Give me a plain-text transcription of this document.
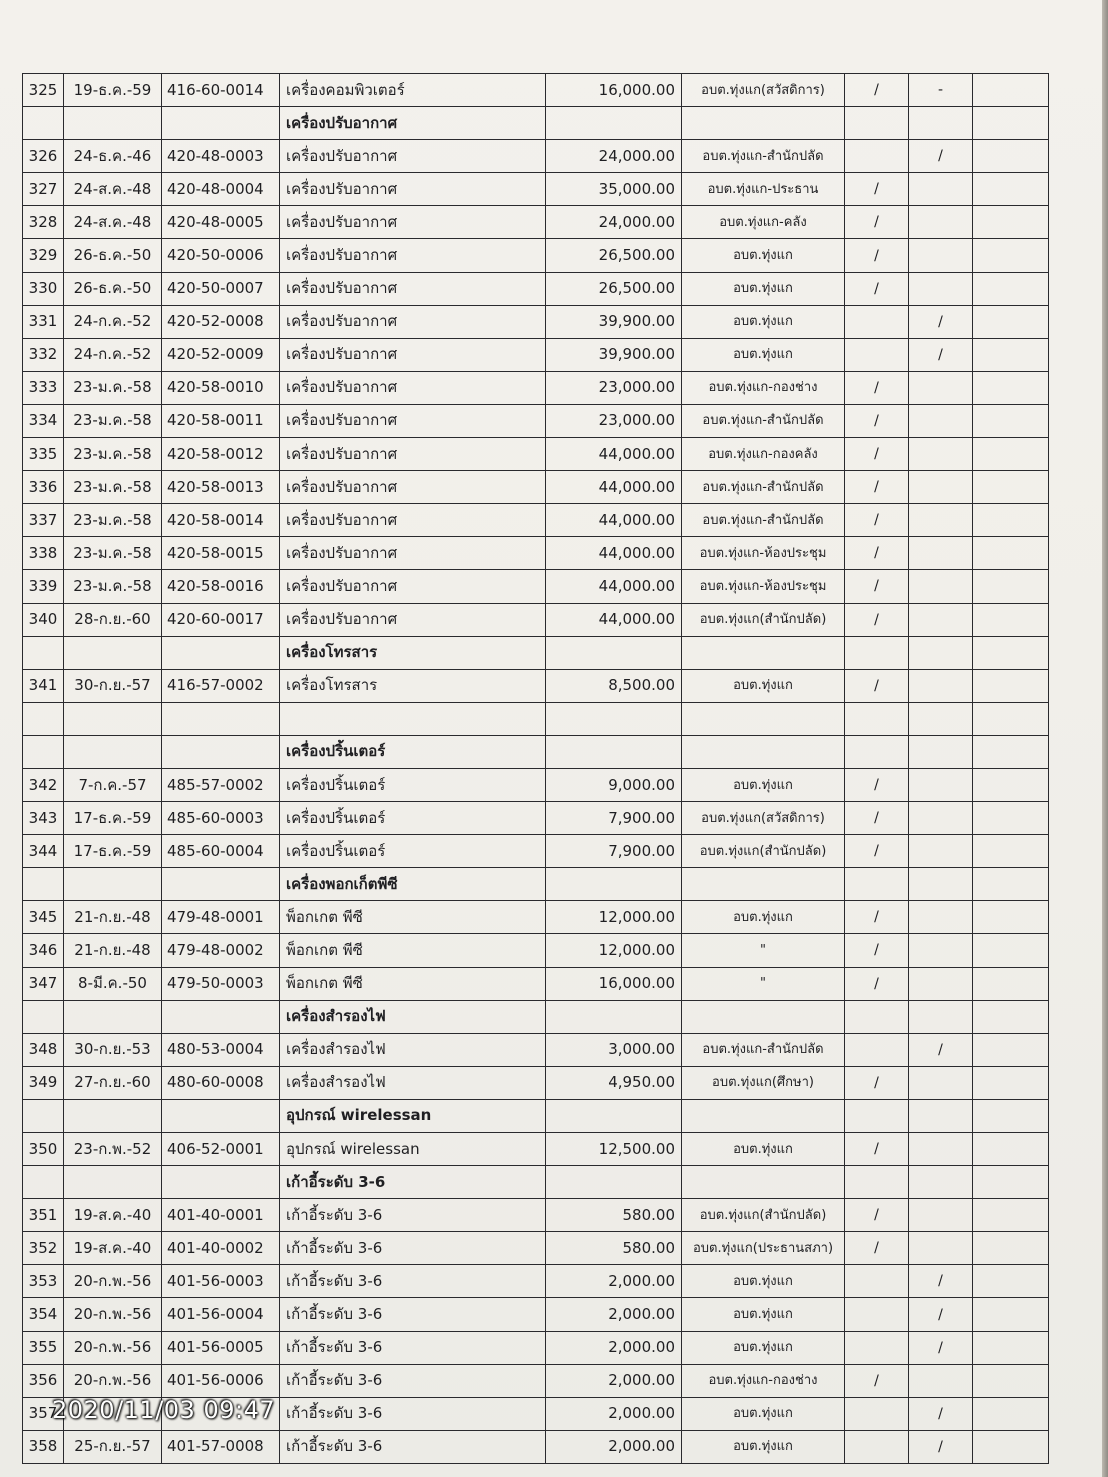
325	19-ธ.ค.-59	416-60-0014	เครื่องคอมพิวเตอร์	16,000.00	อบต.ทุ่งแก(สวัสดิการ)	/	-	
			เครื่องปรับอากาศ					
326	24-ธ.ค.-46	420-48-0003	เครื่องปรับอากาศ	24,000.00	อบต.ทุ่งแก-สำนักปลัด		/	
327	24-ส.ค.-48	420-48-0004	เครื่องปรับอากาศ	35,000.00	อบต.ทุ่งแก-ประธาน	/		
328	24-ส.ค.-48	420-48-0005	เครื่องปรับอากาศ	24,000.00	อบต.ทุ่งแก-คลัง	/		
329	26-ธ.ค.-50	420-50-0006	เครื่องปรับอากาศ	26,500.00	อบต.ทุ่งแก	/		
330	26-ธ.ค.-50	420-50-0007	เครื่องปรับอากาศ	26,500.00	อบต.ทุ่งแก	/		
331	24-ก.ค.-52	420-52-0008	เครื่องปรับอากาศ	39,900.00	อบต.ทุ่งแก		/	
332	24-ก.ค.-52	420-52-0009	เครื่องปรับอากาศ	39,900.00	อบต.ทุ่งแก		/	
333	23-ม.ค.-58	420-58-0010	เครื่องปรับอากาศ	23,000.00	อบต.ทุ่งแก-กองช่าง	/		
334	23-ม.ค.-58	420-58-0011	เครื่องปรับอากาศ	23,000.00	อบต.ทุ่งแก-สำนักปลัด	/		
335	23-ม.ค.-58	420-58-0012	เครื่องปรับอากาศ	44,000.00	อบต.ทุ่งแก-กองคลัง	/		
336	23-ม.ค.-58	420-58-0013	เครื่องปรับอากาศ	44,000.00	อบต.ทุ่งแก-สำนักปลัด	/		
337	23-ม.ค.-58	420-58-0014	เครื่องปรับอากาศ	44,000.00	อบต.ทุ่งแก-สำนักปลัด	/		
338	23-ม.ค.-58	420-58-0015	เครื่องปรับอากาศ	44,000.00	อบต.ทุ่งแก-ห้องประชุม	/		
339	23-ม.ค.-58	420-58-0016	เครื่องปรับอากาศ	44,000.00	อบต.ทุ่งแก-ห้องประชุม	/		
340	28-ก.ย.-60	420-60-0017	เครื่องปรับอากาศ	44,000.00	อบต.ทุ่งแก(สำนักปลัด)	/		
			เครื่องโทรสาร					
341	30-ก.ย.-57	416-57-0002	เครื่องโทรสาร	8,500.00	อบต.ทุ่งแก	/		

			เครื่องปริ้นเตอร์					
342	7-ก.ค.-57	485-57-0002	เครื่องปริ้นเตอร์	9,000.00	อบต.ทุ่งแก	/		
343	17-ธ.ค.-59	485-60-0003	เครื่องปริ้นเตอร์	7,900.00	อบต.ทุ่งแก(สวัสดิการ)	/		
344	17-ธ.ค.-59	485-60-0004	เครื่องปริ้นเตอร์	7,900.00	อบต.ทุ่งแก(สำนักปลัด)	/		
			เครื่องพอกเก็ตพีซี					
345	21-ก.ย.-48	479-48-0001	พ็อกเกต พีซี	12,000.00	อบต.ทุ่งแก	/		
346	21-ก.ย.-48	479-48-0002	พ็อกเกต พีซี	12,000.00	"	/		
347	8-มี.ค.-50	479-50-0003	พ็อกเกต พีซี	16,000.00	"	/		
			เครื่องสำรองไฟ					
348	30-ก.ย.-53	480-53-0004	เครื่องสำรองไฟ	3,000.00	อบต.ทุ่งแก-สำนักปลัด		/	
349	27-ก.ย.-60	480-60-0008	เครื่องสำรองไฟ	4,950.00	อบต.ทุ่งแก(ศึกษา)	/		
			อุปกรณ์ wirelessan					
350	23-ก.พ.-52	406-52-0001	อุปกรณ์ wirelessan	12,500.00	อบต.ทุ่งแก	/		
			เก้าอี้ระดับ 3-6					
351	19-ส.ค.-40	401-40-0001	เก้าอี้ระดับ 3-6	580.00	อบต.ทุ่งแก(สำนักปลัด)	/		
352	19-ส.ค.-40	401-40-0002	เก้าอี้ระดับ 3-6	580.00	อบต.ทุ่งแก(ประธานสภา)	/		
353	20-ก.พ.-56	401-56-0003	เก้าอี้ระดับ 3-6	2,000.00	อบต.ทุ่งแก		/	
354	20-ก.พ.-56	401-56-0004	เก้าอี้ระดับ 3-6	2,000.00	อบต.ทุ่งแก		/	
355	20-ก.พ.-56	401-56-0005	เก้าอี้ระดับ 3-6	2,000.00	อบต.ทุ่งแก		/	
356	20-ก.พ.-56	401-56-0006	เก้าอี้ระดับ 3-6	2,000.00	อบต.ทุ่งแก-กองช่าง	/		
357			เก้าอี้ระดับ 3-6	2,000.00	อบต.ทุ่งแก		/	
358	25-ก.ย.-57	401-57-0008	เก้าอี้ระดับ 3-6	2,000.00	อบต.ทุ่งแก		/	
2020/11/03 09:47
